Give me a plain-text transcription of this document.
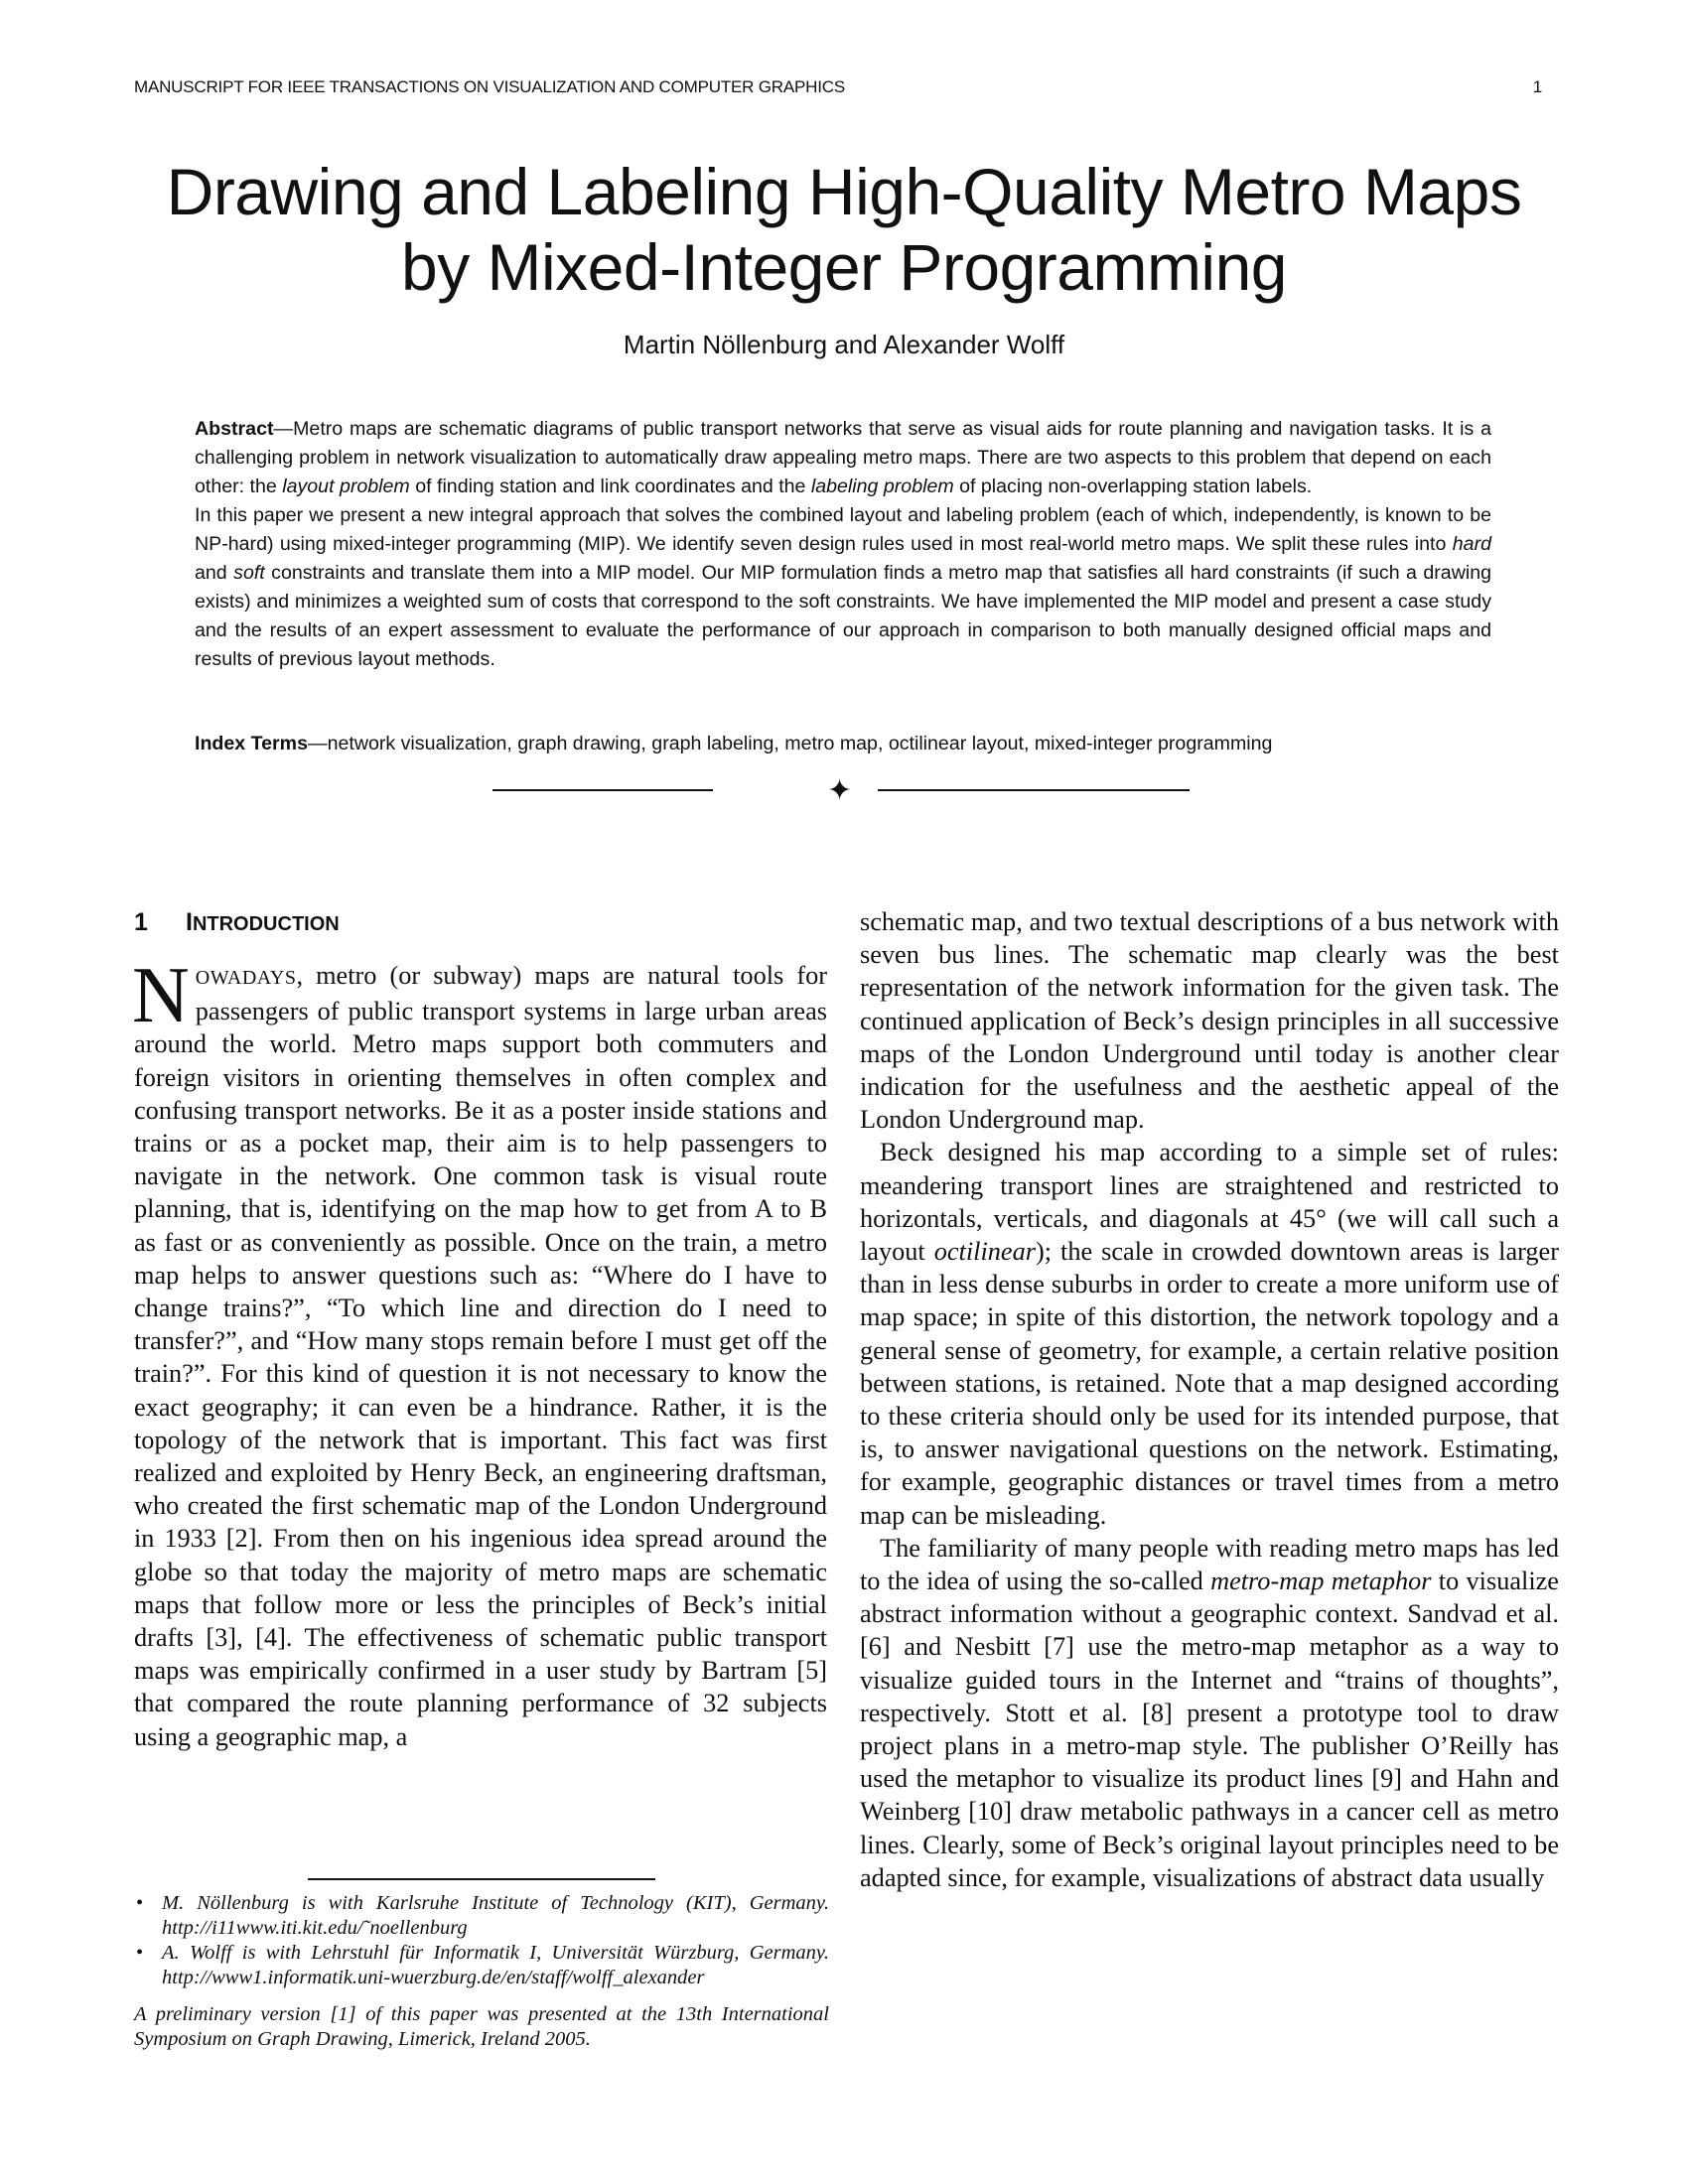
MANUSCRIPT FOR IEEE TRANSACTIONS ON VISUALIZATION AND COMPUTER GRAPHICS	1
Drawing and Labeling High-Quality Metro Maps
by Mixed-Integer Programming
Martin Nöllenburg and Alexander Wolff

Abstract—Metro maps are schematic diagrams of public transport networks that serve as visual aids for route planning and navigation tasks. It is a challenging problem in network visualization to automatically draw appealing metro maps. There are two aspects to this problem that depend on each other: the layout problem of finding station and link coordinates and the labeling problem of placing non-overlapping station labels.

In this paper we present a new integral approach that solves the combined layout and labeling problem (each of which, independently, is known to be NP-hard) using mixed-integer programming (MIP). We identify seven design rules used in most real-world metro maps. We split these rules into hard and soft constraints and translate them into a MIP model. Our MIP formulation finds a metro map that satisfies all hard constraints (if such a drawing exists) and minimizes a weighted sum of costs that correspond to the soft constraints. We have implemented the MIP model and present a case study and the results of an expert assessment to evaluate the performance of our approach in comparison to both manually designed official maps and results of previous layout methods.

Index Terms—network visualization, graph drawing, graph labeling, metro map, octilinear layout, mixed-integer programming
✦
1 INTRODUCTION

NOWADAYS, metro (or subway) maps are natural tools for passengers of public transport systems in large urban areas around the world. Metro maps support both commuters and foreign visitors in orienting themselves in often complex and confusing transport networks. Be it as a poster inside stations and trains or as a pocket map, their aim is to help passengers to navigate in the network. One common task is visual route planning, that is, identifying on the map how to get from A to B as fast or as conveniently as possible. Once on the train, a metro map helps to answer questions such as: “Where do I have to change trains?”, “To which line and direction do I need to transfer?”, and “How many stops remain before I must get off the train?”. For this kind of question it is not necessary to know the exact geography; it can even be a hindrance. Rather, it is the topology of the network that is important. This fact was first realized and exploited by Henry Beck, an engineering draftsman, who created the first schematic map of the London Underground in 1933 [2]. From then on his ingenious idea spread around the globe so that today the majority of metro maps are schematic maps that follow more or less the principles of Beck’s initial drafts [3], [4]. The effectiveness of schematic public transport maps was empirically confirmed in a user study by Bartram [5] that compared the route planning performance of 32 subjects using a geographic map, a

schematic map, and two textual descriptions of a bus network with seven bus lines. The schematic map clearly was the best representation of the network information for the given task. The continued application of Beck’s design principles in all successive maps of the London Underground until today is another clear indication for the usefulness and the aesthetic appeal of the London Underground map.

Beck designed his map according to a simple set of rules: meandering transport lines are straightened and restricted to horizontals, verticals, and diagonals at 45° (we will call such a layout octilinear); the scale in crowded downtown areas is larger than in less dense suburbs in order to create a more uniform use of map space; in spite of this distortion, the network topology and a general sense of geometry, for example, a certain relative position between stations, is retained. Note that a map designed according to these criteria should only be used for its intended purpose, that is, to answer navigational questions on the network. Estimating, for example, geographic distances or travel times from a metro map can be misleading.

The familiarity of many people with reading metro maps has led to the idea of using the so-called metro-map metaphor to visualize abstract information without a geographic context. Sandvad et al. [6] and Nesbitt [7] use the metro-map metaphor as a way to visualize guided tours in the Internet and “trains of thoughts”, respectively. Stott et al. [8] present a prototype tool to draw project plans in a metro-map style. The publisher O’Reilly has used the metaphor to visualize its product lines [9] and Hahn and Weinberg [10] draw metabolic pathways in a cancer cell as metro lines. Clearly, some of Beck’s original layout principles need to be adapted since, for example, visualizations of abstract data usually

• M. Nöllenburg is with Karlsruhe Institute of Technology (KIT), Germany. http://i11www.iti.kit.edu/˜noellenburg
• A. Wolff is with Lehrstuhl für Informatik I, Universität Würzburg, Germany. http://www1.informatik.uni-wuerzburg.de/en/staff/wolff_alexander
A preliminary version [1] of this paper was presented at the 13th International Symposium on Graph Drawing, Limerick, Ireland 2005.
